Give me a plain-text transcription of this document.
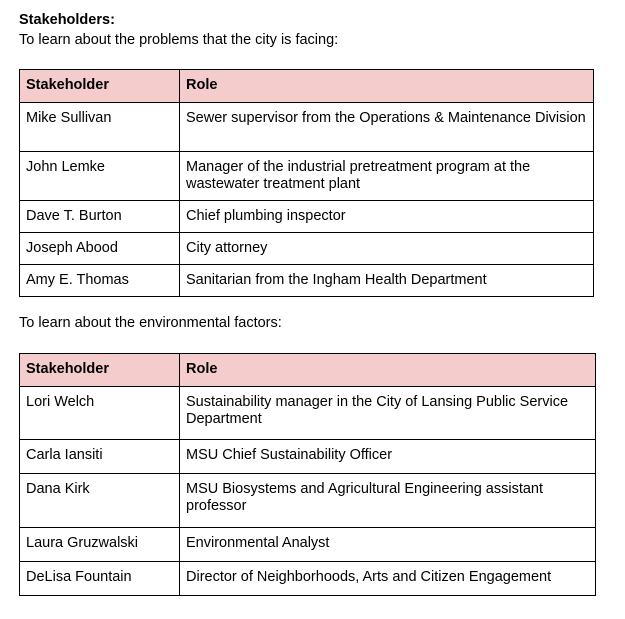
Stakeholders:
To learn about the problems that the city is facing:
Stakeholder	Role
Mike Sullivan	Sewer supervisor from the Operations & Maintenance Division
John Lemke	Manager of the industrial pretreatment program at the wastewater treatment plant
Dave T. Burton	Chief plumbing inspector
Joseph Abood	City attorney
Amy E. Thomas	Sanitarian from the Ingham Health Department
To learn about the environmental factors:
Stakeholder	Role
Lori Welch	Sustainability manager in the City of Lansing Public Service Department
Carla Iansiti	MSU Chief Sustainability Officer
Dana Kirk	MSU Biosystems and Agricultural Engineering assistant professor
Laura Gruzwalski	Environmental Analyst
DeLisa Fountain	Director of Neighborhoods, Arts and Citizen Engagement
